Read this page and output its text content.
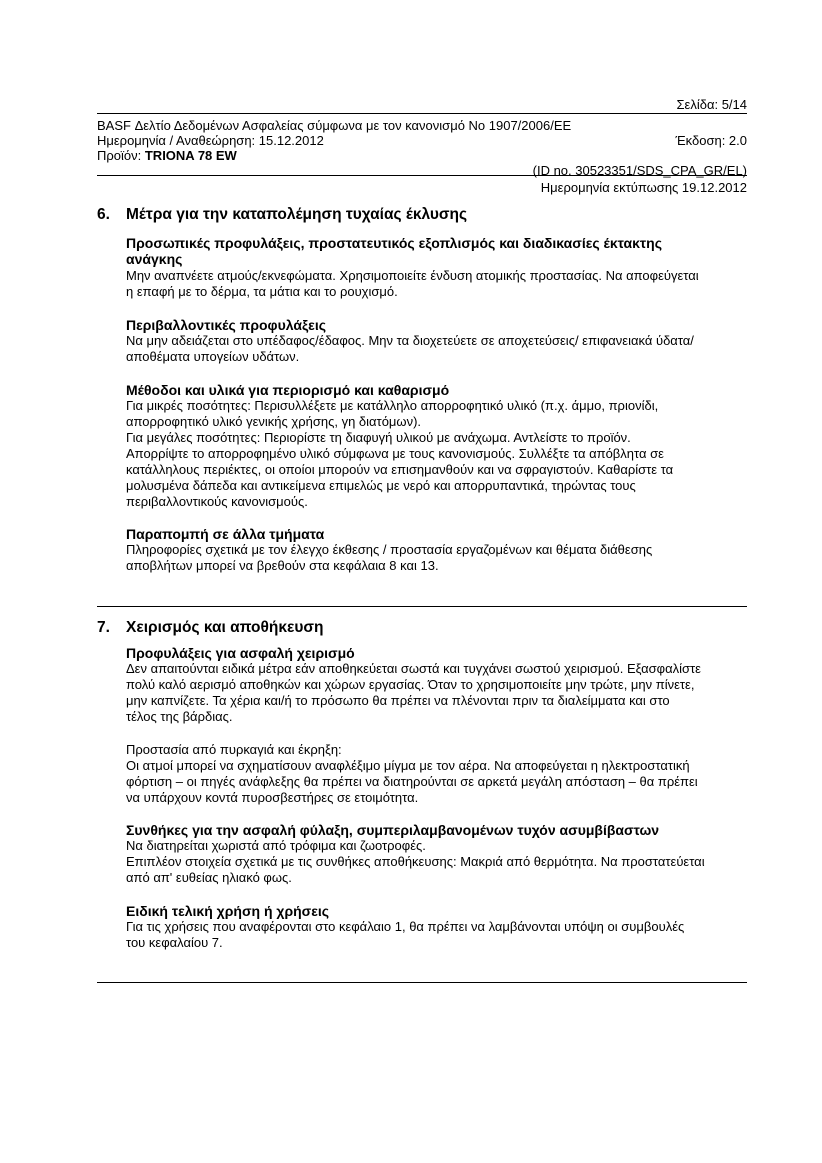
Σελίδα: 5/14
BASF Δελτίο Δεδομένων Ασφαλείας σύμφωνα με τον κανονισμό Νο 1907/2006/ΕΕ
Ημερομηνία / Αναθεώρηση: 15.12.2012	Έκδοση: 2.0
Προϊόν: TRIONA 78 EW
(ID no. 30523351/SDS_CPA_GR/EL)
Ημερομηνία εκτύπωσης 19.12.2012
6. Μέτρα για την καταπολέμηση τυχαίας έκλυσης
Προσωπικές προφυλάξεις, προστατευτικός εξοπλισμός και διαδικασίες έκτακτης
ανάγκης
Μην αναπνέετε ατμούς/εκνεφώματα. Χρησιμοποιείτε ένδυση ατομικής προστασίας. Να αποφεύγεται
η επαφή με το δέρμα, τα μάτια και το ρουχισμό.
Περιβαλλοντικές προφυλάξεις
Να μην αδειάζεται στο υπέδαφος/έδαφος. Μην τα διοχετεύετε σε αποχετεύσεις/ επιφανειακά ύδατα/
αποθέματα υπογείων υδάτων.
Μέθοδοι και υλικά για περιορισμό και καθαρισμό
Για μικρές ποσότητες: Περισυλλέξετε με κατάλληλο απορροφητικό υλικό (π.χ. άμμο, πριονίδι,
απορροφητικό υλικό γενικής χρήσης, γη διατόμων).
Για μεγάλες ποσότητες: Περιορίστε τη διαφυγή υλικού με ανάχωμα. Αντλείστε το προϊόν.
Απορρίψτε το απορροφημένο υλικό σύμφωνα με τους κανονισμούς. Συλλέξτε τα απόβλητα σε
κατάλληλους περιέκτες, οι οποίοι μπορούν να επισημανθούν και να σφραγιστούν. Καθαρίστε τα
μολυσμένα δάπεδα και αντικείμενα επιμελώς με νερό και απορρυπαντικά, τηρώντας τους
περιβαλλοντικούς κανονισμούς.
Παραπομπή σε άλλα τμήματα
Πληροφορίες σχετικά με τον έλεγχο έκθεσης / προστασία εργαζομένων και θέματα διάθεσης
αποβλήτων μπορεί να βρεθούν στα κεφάλαια 8 και 13.
7. Χειρισμός και αποθήκευση
Προφυλάξεις για ασφαλή χειρισμό
Δεν απαιτούνται ειδικά μέτρα εάν αποθηκεύεται σωστά και τυγχάνει σωστού χειρισμού. Εξασφαλίστε
πολύ καλό αερισμό αποθηκών και χώρων εργασίας. Όταν το χρησιμοποιείτε μην τρώτε, μην πίνετε,
μην καπνίζετε. Τα χέρια και/ή το πρόσωπο θα πρέπει να πλένονται πριν τα διαλείμματα και στο
τέλος της βάρδιας.
Προστασία από πυρκαγιά και έκρηξη:
Οι ατμοί μπορεί να σχηματίσουν αναφλέξιμο μίγμα με τον αέρα. Να αποφεύγεται η ηλεκτροστατική
φόρτιση – οι πηγές ανάφλεξης θα πρέπει να διατηρούνται σε αρκετά μεγάλη απόσταση – θα πρέπει
να υπάρχουν κοντά πυροσβεστήρες σε ετοιμότητα.
Συνθήκες για την ασφαλή φύλαξη, συμπεριλαμβανομένων τυχόν ασυμβίβαστων
Να διατηρείται χωριστά από τρόφιμα και ζωοτροφές.
Επιπλέον στοιχεία σχετικά με τις συνθήκες αποθήκευσης: Μακριά από θερμότητα. Να προστατεύεται
από απ' ευθείας ηλιακό φως.
Ειδική τελική χρήση ή χρήσεις
Για τις χρήσεις που αναφέρονται στο κεφάλαιο 1, θα πρέπει να λαμβάνονται υπόψη οι συμβουλές
του κεφαλαίου 7.
